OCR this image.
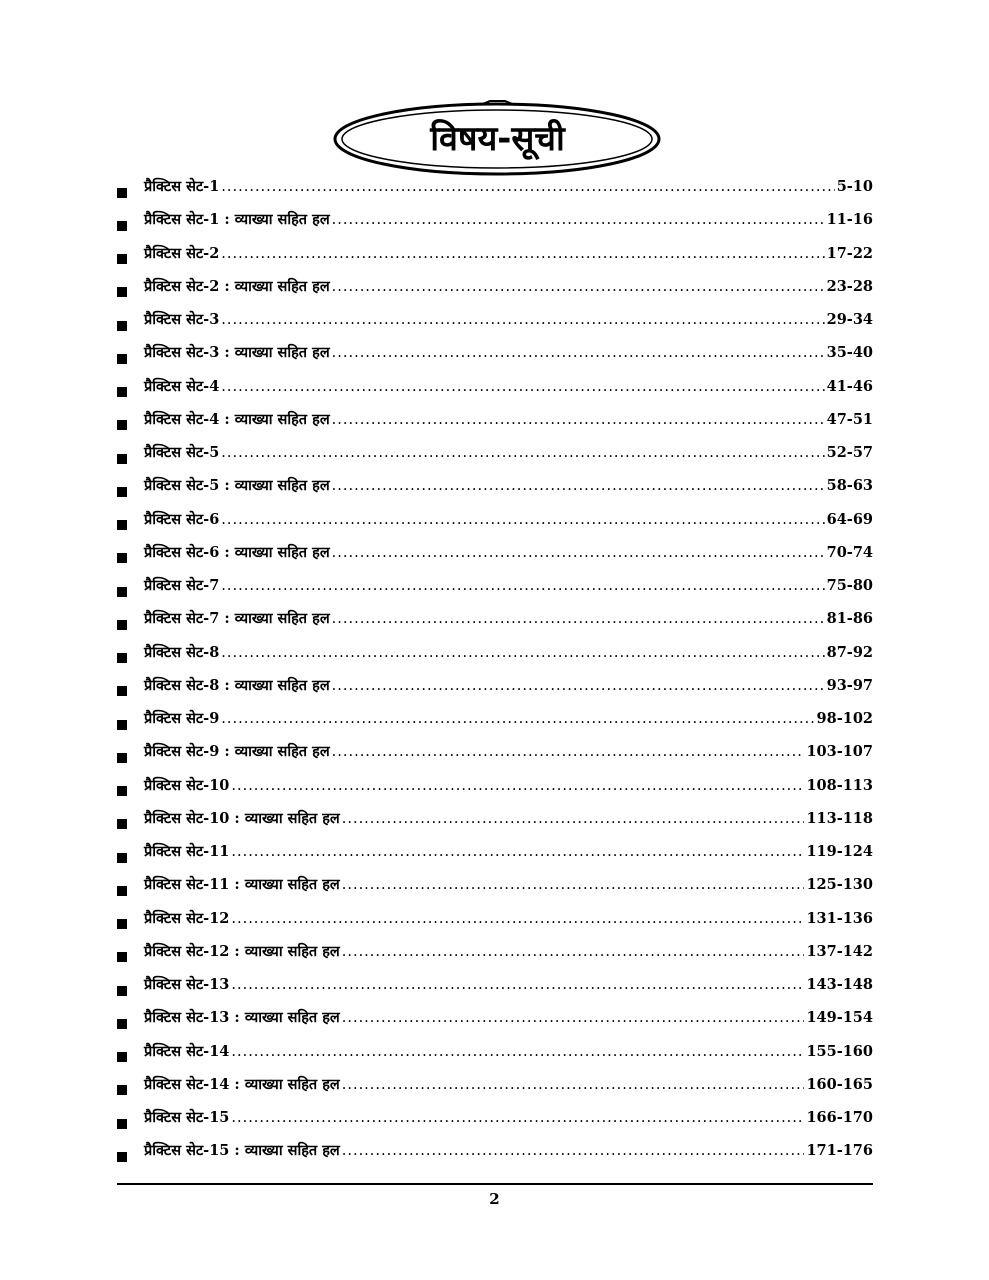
विषय-सूची
प्रैक्टिस सेट-1 .....	5-10
प्रैक्टिस सेट-1 : व्याख्या सहित हल .....	11-16
प्रैक्टिस सेट-2 .....	17-22
प्रैक्टिस सेट-2 : व्याख्या सहित हल .....	23-28
प्रैक्टिस सेट-3 .....	29-34
प्रैक्टिस सेट-3 : व्याख्या सहित हल .....	35-40
प्रैक्टिस सेट-4 .....	41-46
प्रैक्टिस सेट-4 : व्याख्या सहित हल .....	47-51
प्रैक्टिस सेट-5 .....	52-57
प्रैक्टिस सेट-5 : व्याख्या सहित हल .....	58-63
प्रैक्टिस सेट-6 .....	64-69
प्रैक्टिस सेट-6 : व्याख्या सहित हल .....	70-74
प्रैक्टिस सेट-7 .....	75-80
प्रैक्टिस सेट-7 : व्याख्या सहित हल .....	81-86
प्रैक्टिस सेट-8 .....	87-92
प्रैक्टिस सेट-8 : व्याख्या सहित हल .....	93-97
प्रैक्टिस सेट-9 .....	98-102
प्रैक्टिस सेट-9 : व्याख्या सहित हल .....	103-107
प्रैक्टिस सेट-10 .....	108-113
प्रैक्टिस सेट-10 : व्याख्या सहित हल .....	113-118
प्रैक्टिस सेट-11 .....	119-124
प्रैक्टिस सेट-11 : व्याख्या सहित हल .....	125-130
प्रैक्टिस सेट-12 .....	131-136
प्रैक्टिस सेट-12 : व्याख्या सहित हल .....	137-142
प्रैक्टिस सेट-13 .....	143-148
प्रैक्टिस सेट-13 : व्याख्या सहित हल .....	149-154
प्रैक्टिस सेट-14 .....	155-160
प्रैक्टिस सेट-14 : व्याख्या सहित हल .....	160-165
प्रैक्टिस सेट-15 .....	166-170
प्रैक्टिस सेट-15 : व्याख्या सहित हल .....	171-176
2
